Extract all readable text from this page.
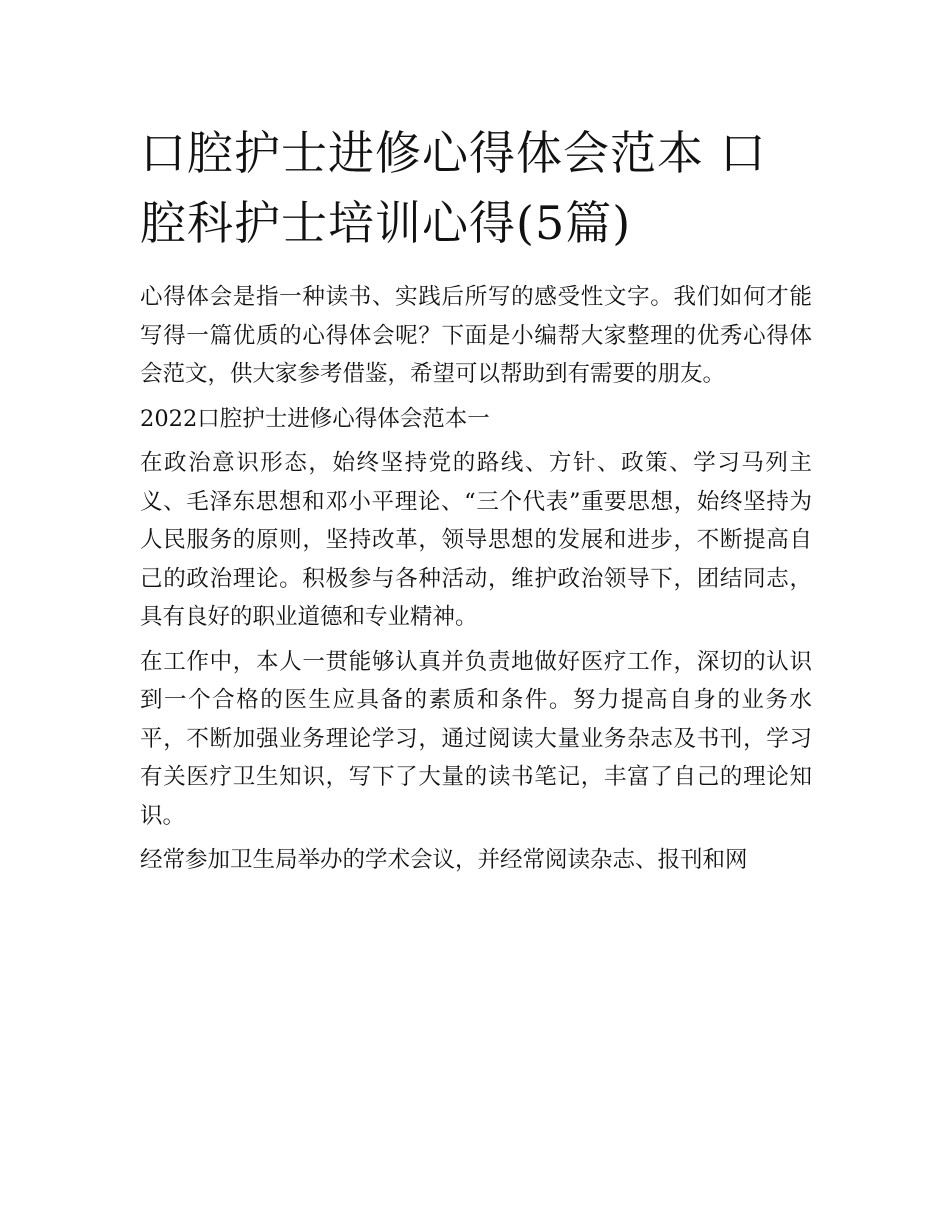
口腔护士进修心得体会范本 口腔科护士培训心得(5篇)

心得体会是指一种读书、实践后所写的感受性文字。我们如何才能写得一篇优质的心得体会呢？下面是小编帮大家整理的优秀心得体会范文，供大家参考借鉴，希望可以帮助到有需要的朋友。

2022口腔护士进修心得体会范本一

在政治意识形态，始终坚持党的路线、方针、政策、学习马列主义、毛泽东思想和邓小平理论、“三个代表”重要思想，始终坚持为人民服务的原则，坚持改革，领导思想的发展和进步，不断提高自己的政治理论。积极参与各种活动，维护政治领导下，团结同志，具有良好的职业道德和专业精神。

在工作中，本人一贯能够认真并负责地做好医疗工作，深切的认识到一个合格的医生应具备的素质和条件。努力提高自身的业务水平，不断加强业务理论学习，通过阅读大量业务杂志及书刊，学习有关医疗卫生知识，写下了大量的读书笔记，丰富了自己的理论知识。

经常参加卫生局举办的学术会议，并经常阅读杂志、报刊和网
